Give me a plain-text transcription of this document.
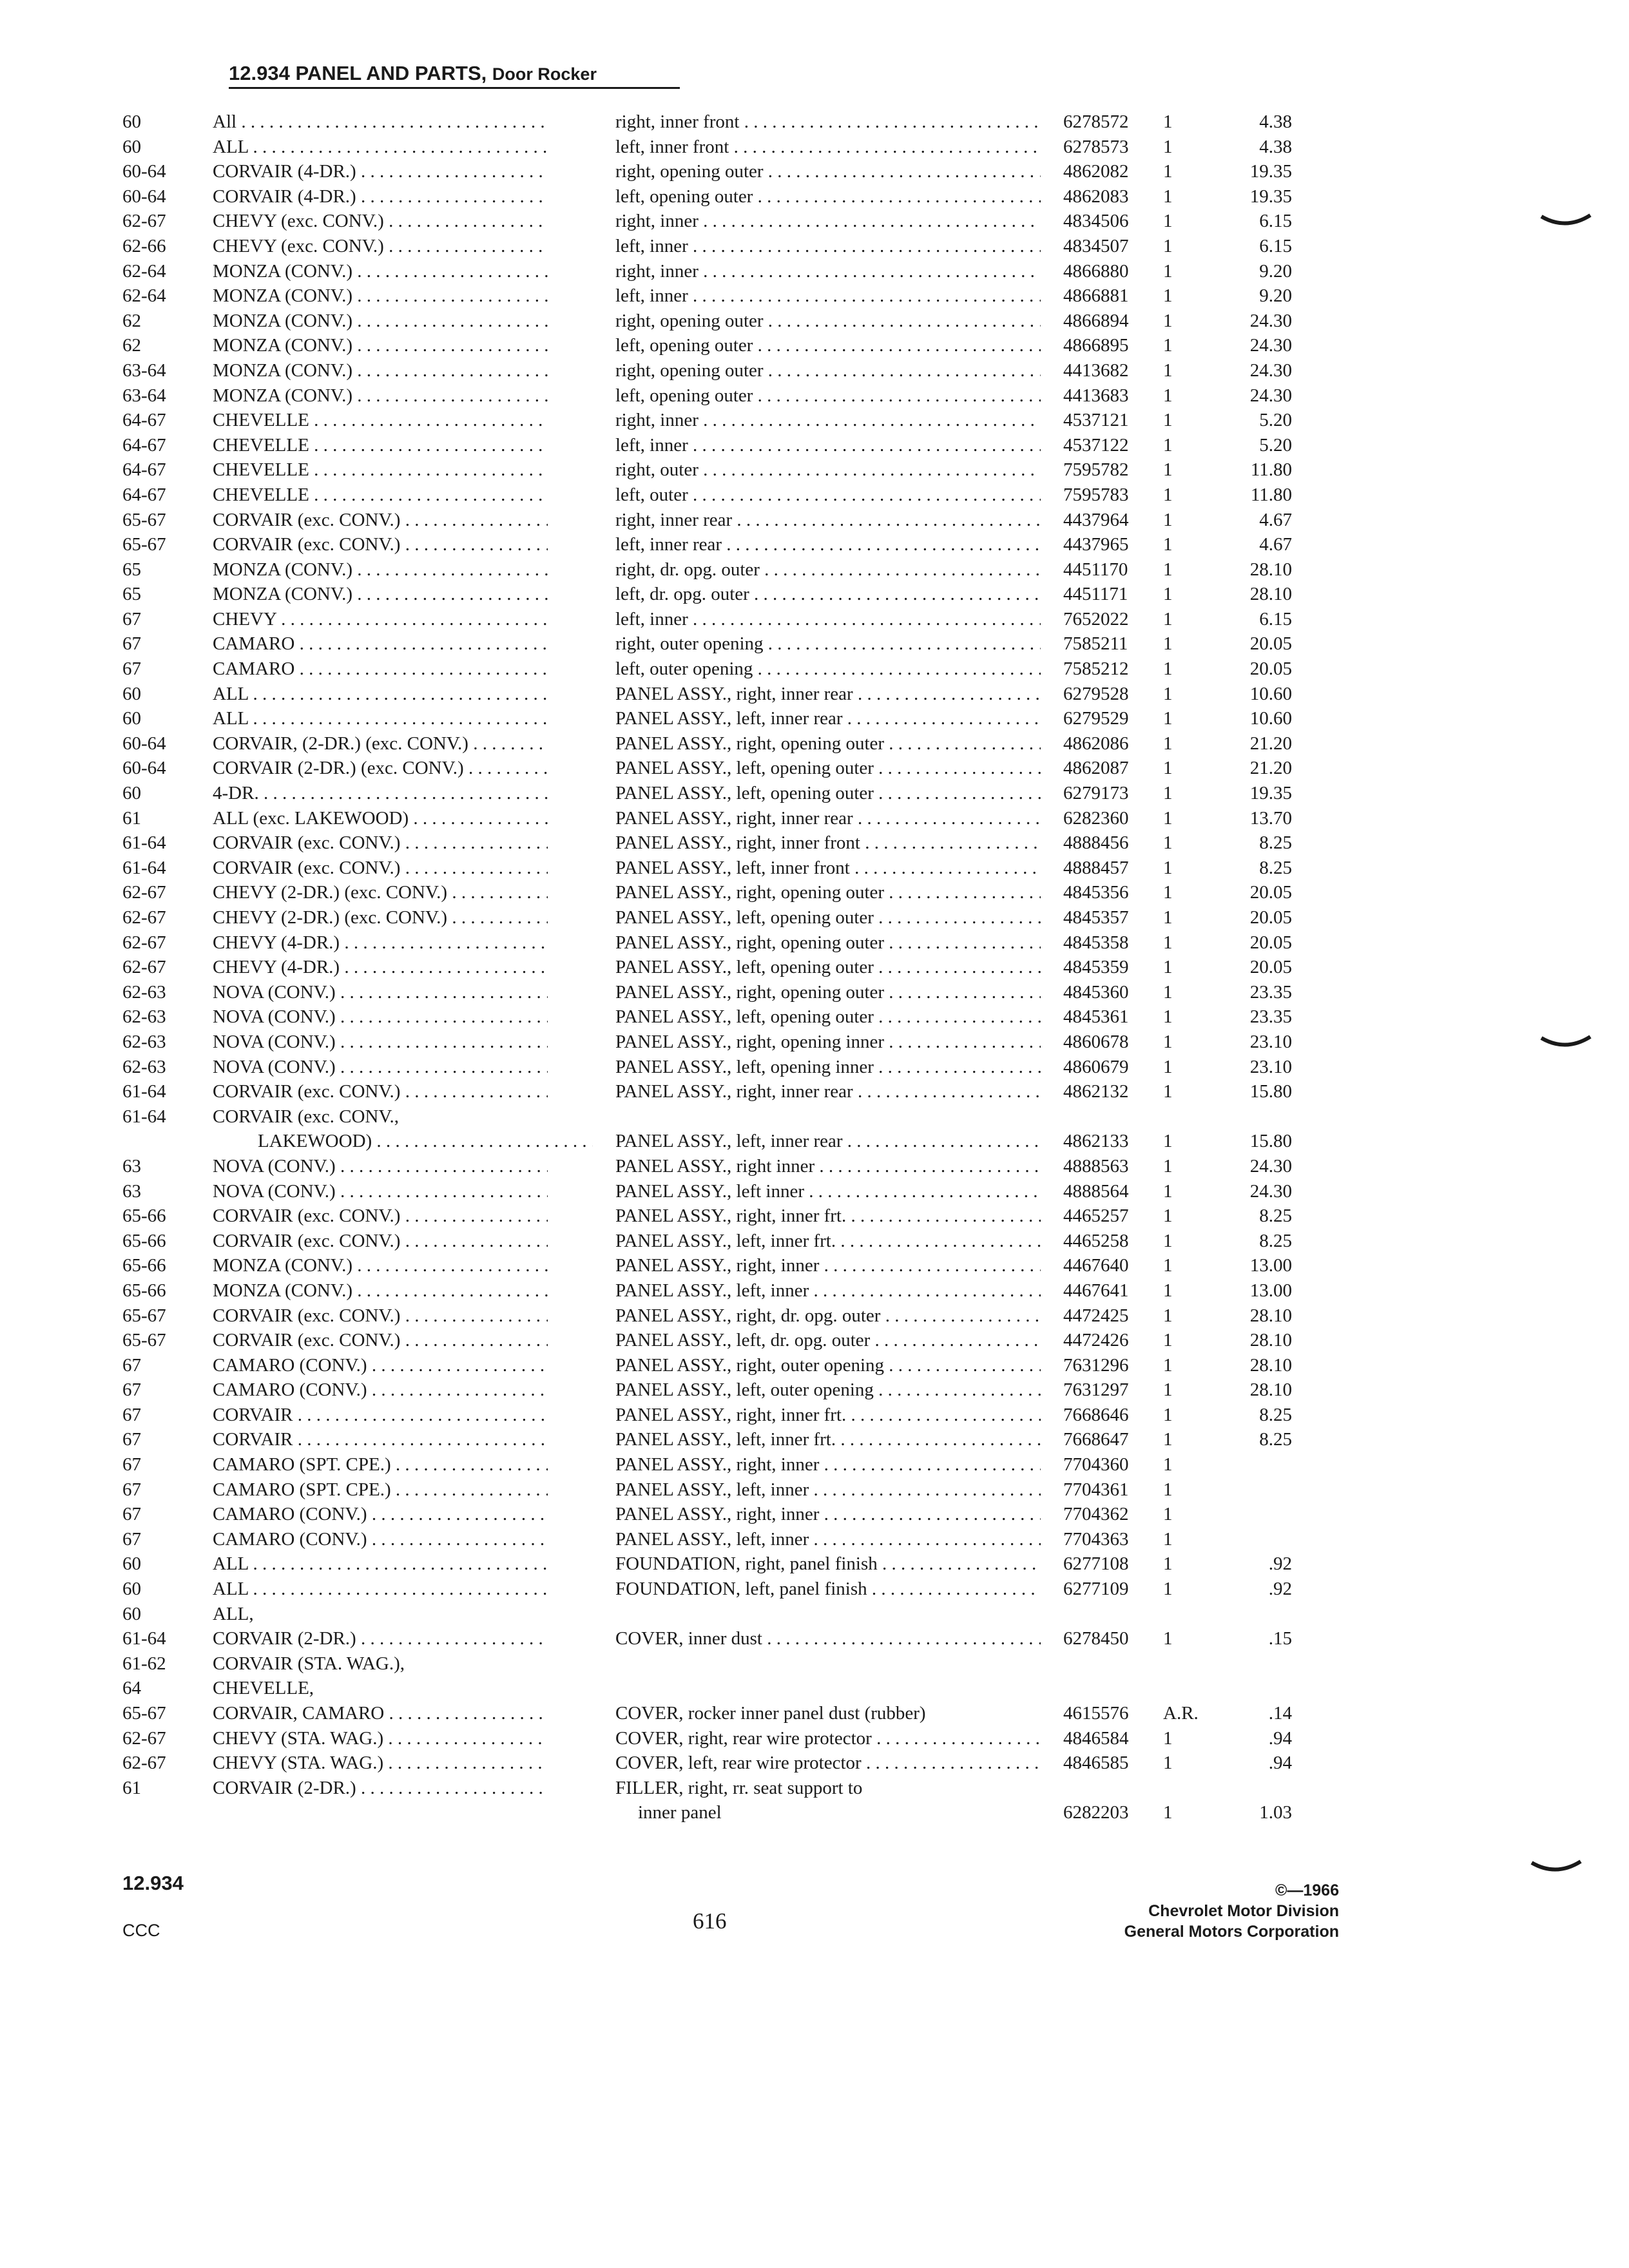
12.934 PANEL AND PARTS, Door Rocker
60	All . . .	right, inner front . . .	6278572	1	4.38
60	ALL . . .	left, inner front . . .	6278573	1	4.38
60-64	CORVAIR (4-DR.) . . .	right, opening outer . . .	4862082	1	19.35
60-64	CORVAIR (4-DR.) . . .	left, opening outer . . .	4862083	1	19.35
62-67	CHEVY (exc. CONV.) . . .	right, inner . . .	4834506	1	6.15
62-66	CHEVY (exc. CONV.) . . .	left, inner . . .	4834507	1	6.15
62-64	MONZA (CONV.) . . .	right, inner . . .	4866880	1	9.20
62-64	MONZA (CONV.) . . .	left, inner . . .	4866881	1	9.20
62	MONZA (CONV.) . . .	right, opening outer . . .	4866894	1	24.30
62	MONZA (CONV.) . . .	left, opening outer . . .	4866895	1	24.30
63-64	MONZA (CONV.) . . .	right, opening outer . . .	4413682	1	24.30
63-64	MONZA (CONV.) . . .	left, opening outer . . .	4413683	1	24.30
64-67	CHEVELLE . . .	right, inner . . .	4537121	1	5.20
64-67	CHEVELLE . . .	left, inner . . .	4537122	1	5.20
64-67	CHEVELLE . . .	right, outer . . .	7595782	1	11.80
64-67	CHEVELLE . . .	left, outer . . .	7595783	1	11.80
65-67	CORVAIR (exc. CONV.) . . .	right, inner rear . . .	4437964	1	4.67
65-67	CORVAIR (exc. CONV.) . . .	left, inner rear . . .	4437965	1	4.67
65	MONZA (CONV.) . . .	right, dr. opg. outer . . .	4451170	1	28.10
65	MONZA (CONV.) . . .	left, dr. opg. outer . . .	4451171	1	28.10
67	CHEVY . . .	left, inner . . .	7652022	1	6.15
67	CAMARO . . .	right, outer opening . . .	7585211	1	20.05
67	CAMARO . . .	left, outer opening . . .	7585212	1	20.05
60	ALL . . .	PANEL ASSY., right, inner rear . . .	6279528	1	10.60
60	ALL . . .	PANEL ASSY., left, inner rear . . .	6279529	1	10.60
60-64	CORVAIR, (2-DR.) (exc. CONV.) . . .	PANEL ASSY., right, opening outer . . .	4862086	1	21.20
60-64	CORVAIR (2-DR.) (exc. CONV.) . . .	PANEL ASSY., left, opening outer . . .	4862087	1	21.20
60	4-DR. . . .	PANEL ASSY., left, opening outer . . .	6279173	1	19.35
61	ALL (exc. LAKEWOOD) . . .	PANEL ASSY., right, inner rear . . .	6282360	1	13.70
61-64	CORVAIR (exc. CONV.) . . .	PANEL ASSY., right, inner front . . .	4888456	1	8.25
61-64	CORVAIR (exc. CONV.) . . .	PANEL ASSY., left, inner front . . .	4888457	1	8.25
62-67	CHEVY (2-DR.) (exc. CONV.) . . .	PANEL ASSY., right, opening outer . . .	4845356	1	20.05
62-67	CHEVY (2-DR.) (exc. CONV.) . . .	PANEL ASSY., left, opening outer . . .	4845357	1	20.05
62-67	CHEVY (4-DR.) . . .	PANEL ASSY., right, opening outer . . .	4845358	1	20.05
62-67	CHEVY (4-DR.) . . .	PANEL ASSY., left, opening outer . . .	4845359	1	20.05
62-63	NOVA (CONV.) . . .	PANEL ASSY., right, opening outer . . .	4845360	1	23.35
62-63	NOVA (CONV.) . . .	PANEL ASSY., left, opening outer . . .	4845361	1	23.35
62-63	NOVA (CONV.) . . .	PANEL ASSY., right, opening inner . . .	4860678	1	23.10
62-63	NOVA (CONV.) . . .	PANEL ASSY., left, opening inner . . .	4860679	1	23.10
61-64	CORVAIR (exc. CONV.) . . .	PANEL ASSY., right, inner rear . . .	4862132	1	15.80
61-64	CORVAIR (exc. CONV.,
LAKEWOOD) . . .	PANEL ASSY., left, inner rear . . .	4862133	1	15.80
63	NOVA (CONV.) . . .	PANEL ASSY., right inner . . .	4888563	1	24.30
63	NOVA (CONV.) . . .	PANEL ASSY., left inner . . .	4888564	1	24.30
65-66	CORVAIR (exc. CONV.) . . .	PANEL ASSY., right, inner frt. . . .	4465257	1	8.25
65-66	CORVAIR (exc. CONV.) . . .	PANEL ASSY., left, inner frt. . . .	4465258	1	8.25
65-66	MONZA (CONV.) . . .	PANEL ASSY., right, inner . . .	4467640	1	13.00
65-66	MONZA (CONV.) . . .	PANEL ASSY., left, inner . . .	4467641	1	13.00
65-67	CORVAIR (exc. CONV.) . . .	PANEL ASSY., right, dr. opg. outer . . .	4472425	1	28.10
65-67	CORVAIR (exc. CONV.) . . .	PANEL ASSY., left, dr. opg. outer . . .	4472426	1	28.10
67	CAMARO (CONV.) . . .	PANEL ASSY., right, outer opening . . .	7631296	1	28.10
67	CAMARO (CONV.) . . .	PANEL ASSY., left, outer opening . . .	7631297	1	28.10
67	CORVAIR . . .	PANEL ASSY., right, inner frt. . . .	7668646	1	8.25
67	CORVAIR . . .	PANEL ASSY., left, inner frt. . . .	7668647	1	8.25
67	CAMARO (SPT. CPE.) . . .	PANEL ASSY., right, inner . . .	7704360	1
67	CAMARO (SPT. CPE.) . . .	PANEL ASSY., left, inner . . .	7704361	1
67	CAMARO (CONV.) . . .	PANEL ASSY., right, inner . . .	7704362	1
67	CAMARO (CONV.) . . .	PANEL ASSY., left, inner . . .	7704363	1
60	ALL . . .	FOUNDATION, right, panel finish . . .	6277108	1	.92
60	ALL . . .	FOUNDATION, left, panel finish . . .	6277109	1	.92
60	ALL,
61-64	CORVAIR (2-DR.) . . .	COVER, inner dust . . .	6278450	1	.15
61-62	CORVAIR (STA. WAG.),
64	CHEVELLE,
65-67	CORVAIR, CAMARO . . .	COVER, rocker inner panel dust (rubber)	4615576	A.R.	.14
62-67	CHEVY (STA. WAG.) . . .	COVER, right, rear wire protector . . .	4846584	1	.94
62-67	CHEVY (STA. WAG.) . . .	COVER, left, rear wire protector . . .	4846585	1	.94
61	CORVAIR (2-DR.) . . .	FILLER, right, rr. seat support to
inner panel	6282203	1	1.03
12.934
CCC	616
©—1966
Chevrolet Motor Division
General Motors Corporation
